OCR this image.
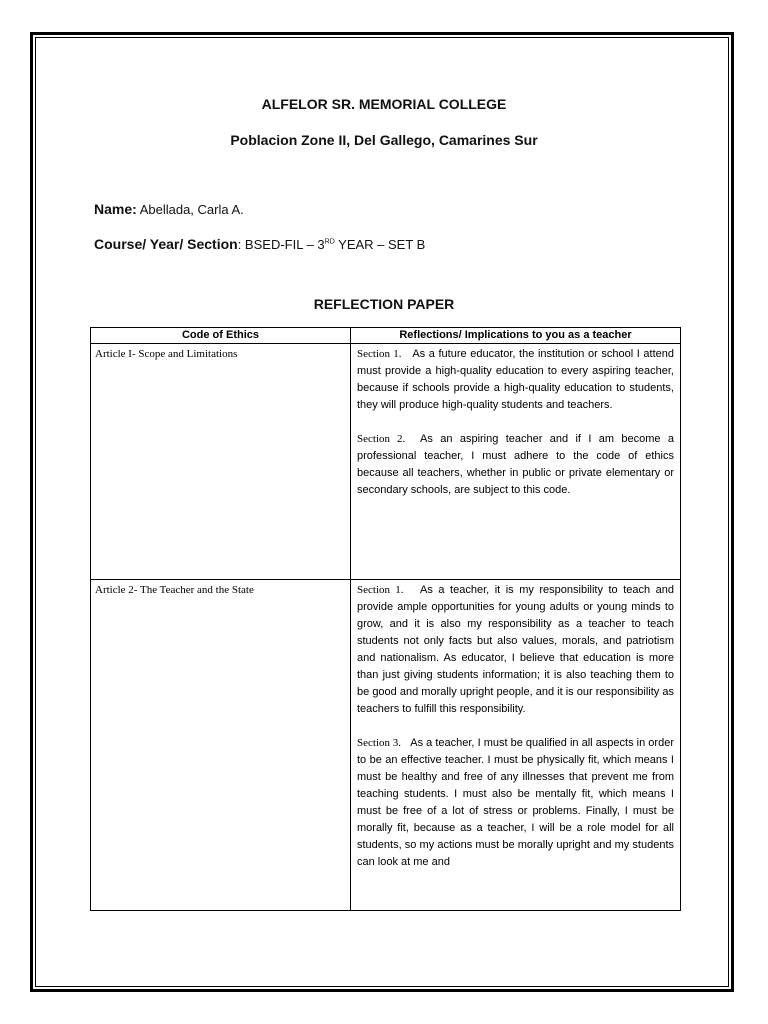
ALFELOR SR. MEMORIAL COLLEGE
Poblacion Zone II, Del Gallego, Camarines Sur
Name: Abellada, Carla A.
Course/ Year/ Section: BSED-FIL – 3RD YEAR – SET B
REFLECTION PAPER
Code of Ethics	Reflections/ Implications to you as a teacher

Article I- Scope and Limitations	Section 1. As a future educator, the institution or school I attend must provide a high-quality education to every aspiring teacher, because if schools provide a high-quality education to students, they will produce high-quality students and teachers.

Section 2. As an aspiring teacher and if I am become a professional teacher, I must adhere to the code of ethics because all teachers, whether in public or private elementary or secondary schools, are subject to this code.

Article 2- The Teacher and the State	Section 1. As a teacher, it is my responsibility to teach and provide ample opportunities for young adults or young minds to grow, and it is also my responsibility as a teacher to teach students not only facts but also values, morals, and patriotism and nationalism. As educator, I believe that education is more than just giving students information; it is also teaching them to be good and morally upright people, and it is our responsibility as teachers to fulfill this responsibility.

Section 3. As a teacher, I must be qualified in all aspects in order to be an effective teacher. I must be physically fit, which means I must be healthy and free of any illnesses that prevent me from teaching students. I must also be mentally fit, which means I must be free of a lot of stress or problems. Finally, I must be morally fit, because as a teacher, I will be a role model for all students, so my actions must be morally upright and my students can look at me and
